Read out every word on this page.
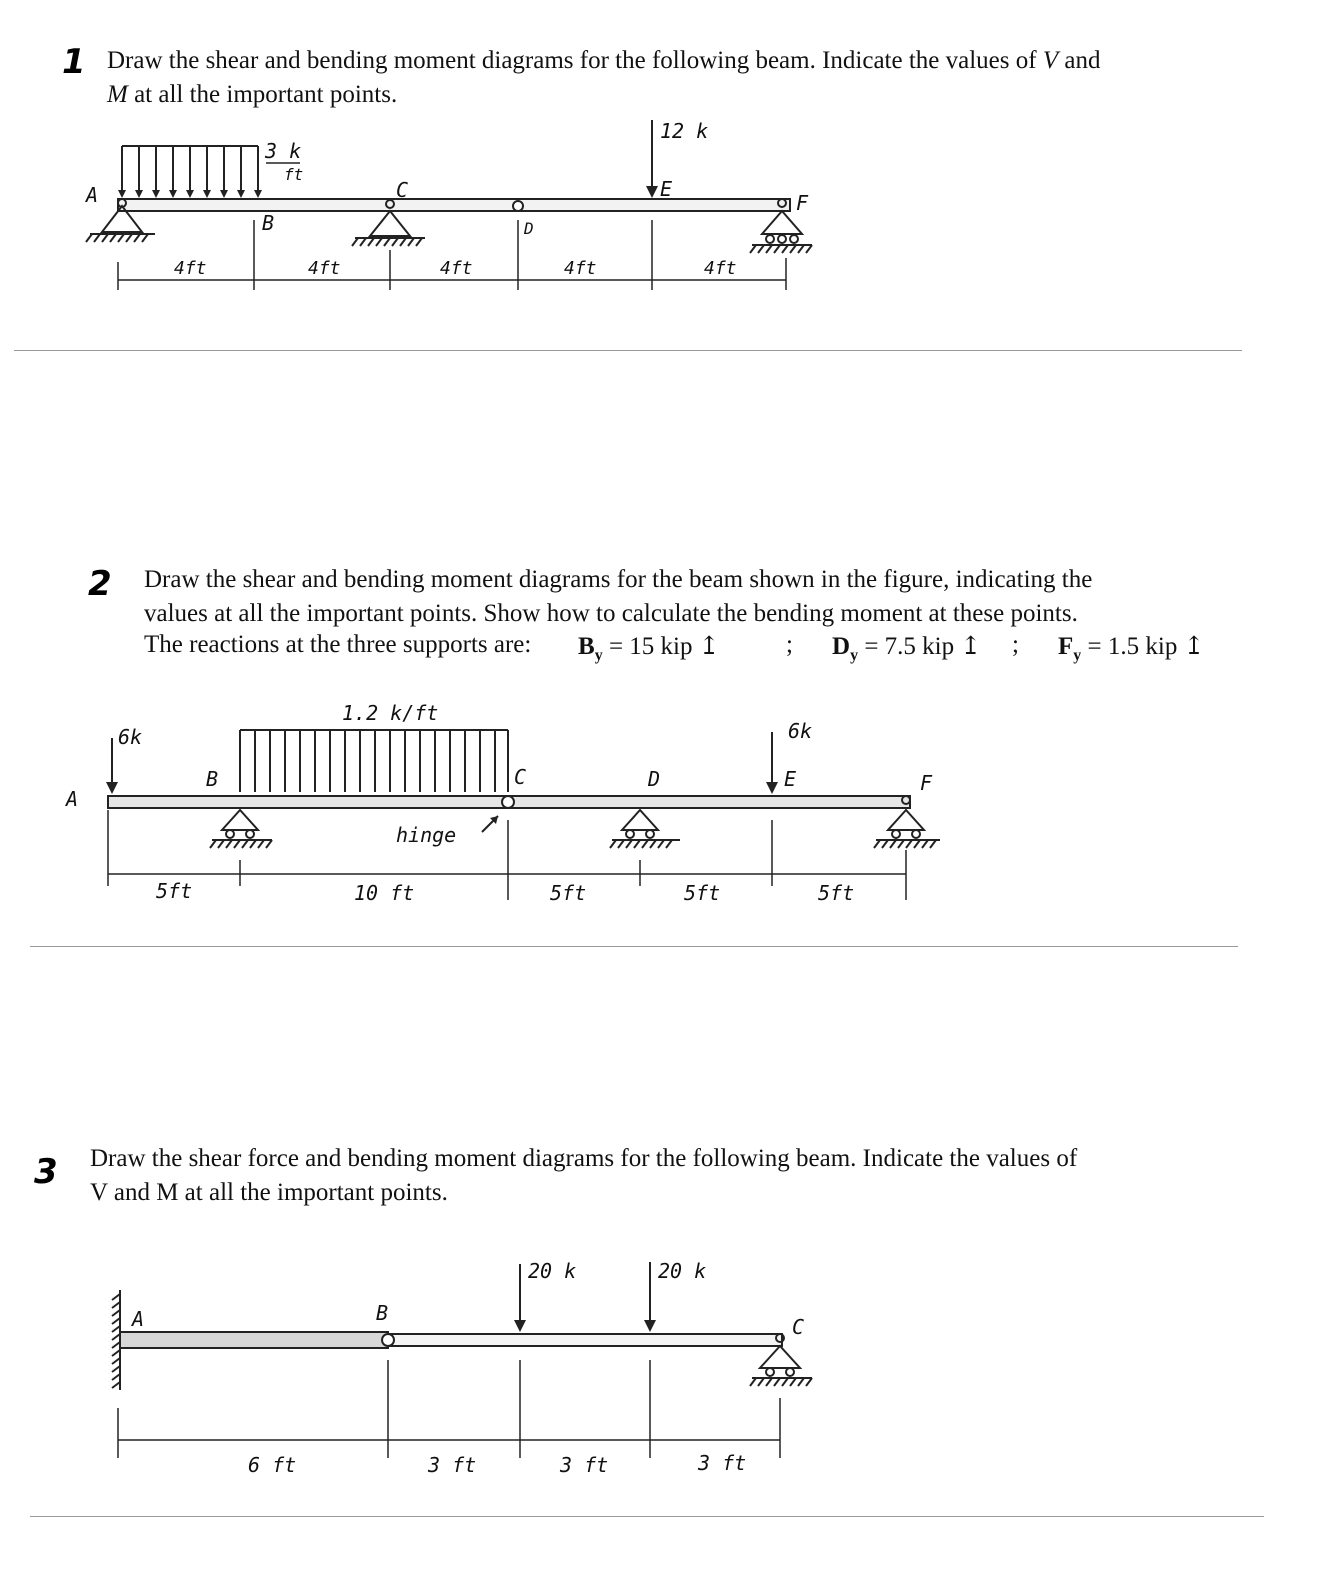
1 Draw the shear and bending moment diagrams for the following beam. Indicate the values of V and

M at all the important points.

A
B
C
D
E
F
12 k
3 k
ft
4ft	4ft	4ft	4ft	4ft
2 Draw the shear and bending moment diagrams for the beam shown in the figure, indicating the

values at all the important points. Show how to calculate the bending moment at these points.

The reactions at the three supports are: $B_y = 15$ kip ↥	; $D_y = 7.5$ kip ↥ ; $F_y = 1.5$ kip ↥
A
B	C	D	E	F
6k	6k
1.2 k/ft
hinge
5ft	10 ft	5ft	5ft	5ft
3 Draw the shear force and bending moment diagrams for the following beam. Indicate the values of

V and M at all the important points.

A	B
C
20 k	20 k
6 ft	3 ft	3 ft	3 ft
